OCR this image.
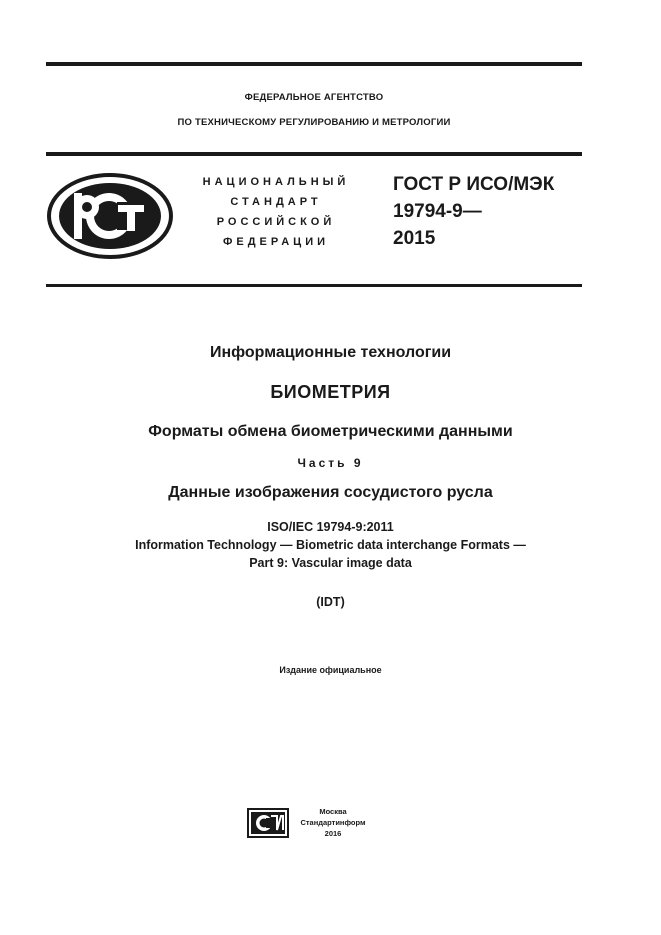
ФЕДЕРАЛЬНОЕ АГЕНТСТВО
ПО ТЕХНИЧЕСКОМУ РЕГУЛИРОВАНИЮ И МЕТРОЛОГИИ
НАЦИОНАЛЬНЫЙ
СТАНДАРТ
РОССИЙСКОЙ
ФЕДЕРАЦИИ
ГОСТ Р ИСО/МЭК
19794-9—
2015
Информационные технологии
БИОМЕТРИЯ
Форматы обмена биометрическими данными
Часть 9
Данные изображения сосудистого русла
ISO/IEC 19794-9:2011
Information Technology — Biometric data interchange Formats —
Part 9: Vascular image data
(IDT)
Издание официальное
Москва
Стандартинформ
2016
